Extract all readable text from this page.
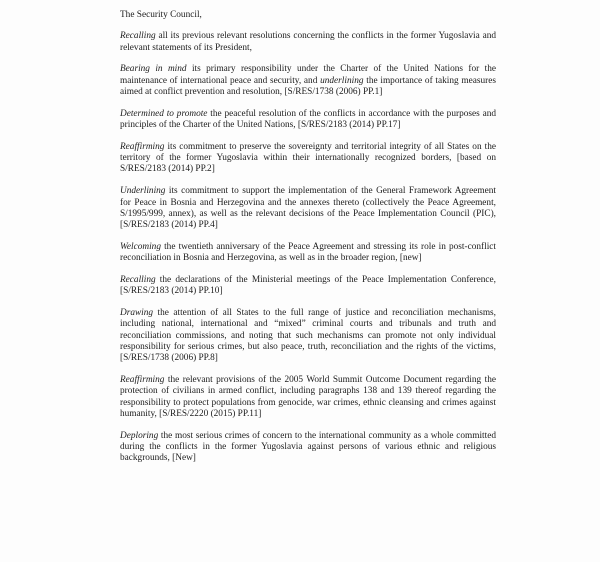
The Security Council,

Recalling all its previous relevant resolutions concerning the conflicts in the former Yugoslavia and relevant statements of its President,

Bearing in mind its primary responsibility under the Charter of the United Nations for the maintenance of international peace and security, and underlining the importance of taking measures aimed at conflict prevention and resolution, [S/RES/1738 (2006) PP.1]

Determined to promote the peaceful resolution of the conflicts in accordance with the purposes and principles of the Charter of the United Nations, [S/RES/2183 (2014) PP.17]

Reaffirming its commitment to preserve the sovereignty and territorial integrity of all States on the territory of the former Yugoslavia within their internationally recognized borders, [based on S/RES/2183 (2014) PP.2]

Underlining its commitment to support the implementation of the General Framework Agreement for Peace in Bosnia and Herzegovina and the annexes thereto (collectively the Peace Agreement, S/1995/999, annex), as well as the relevant decisions of the Peace Implementation Council (PIC), [S/RES/2183 (2014) PP.4]

Welcoming the twentieth anniversary of the Peace Agreement and stressing its role in post-conflict reconciliation in Bosnia and Herzegovina, as well as in the broader region, [new]

Recalling the declarations of the Ministerial meetings of the Peace Implementation Conference, [S/RES/2183 (2014) PP.10]

Drawing the attention of all States to the full range of justice and reconciliation mechanisms, including national, international and “mixed” criminal courts and tribunals and truth and reconciliation commissions, and noting that such mechanisms can promote not only individual responsibility for serious crimes, but also peace, truth, reconciliation and the rights of the victims, [S/RES/1738 (2006) PP.8]

Reaffirming the relevant provisions of the 2005 World Summit Outcome Document regarding the protection of civilians in armed conflict, including paragraphs 138 and 139 thereof regarding the responsibility to protect populations from genocide, war crimes, ethnic cleansing and crimes against humanity, [S/RES/2220 (2015) PP.11]

Deploring the most serious crimes of concern to the international community as a whole committed during the conflicts in the former Yugoslavia against persons of various ethnic and religious backgrounds, [New]
